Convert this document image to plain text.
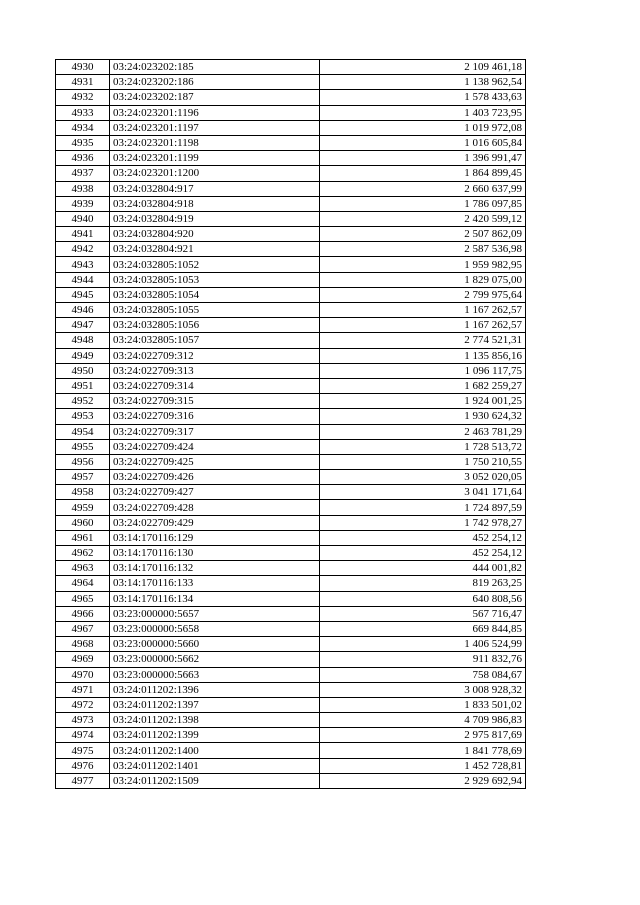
4930	03:24:023202:185	2 109 461,18
4931	03:24:023202:186	1 138 962,54
4932	03:24:023202:187	1 578 433,63
4933	03:24:023201:1196	1 403 723,95
4934	03:24:023201:1197	1 019 972,08
4935	03:24:023201:1198	1 016 605,84
4936	03:24:023201:1199	1 396 991,47
4937	03:24:023201:1200	1 864 899,45
4938	03:24:032804:917	2 660 637,99
4939	03:24:032804:918	1 786 097,85
4940	03:24:032804:919	2 420 599,12
4941	03:24:032804:920	2 507 862,09
4942	03:24:032804:921	2 587 536,98
4943	03:24:032805:1052	1 959 982,95
4944	03:24:032805:1053	1 829 075,00
4945	03:24:032805:1054	2 799 975,64
4946	03:24:032805:1055	1 167 262,57
4947	03:24:032805:1056	1 167 262,57
4948	03:24:032805:1057	2 774 521,31
4949	03:24:022709:312	1 135 856,16
4950	03:24:022709:313	1 096 117,75
4951	03:24:022709:314	1 682 259,27
4952	03:24:022709:315	1 924 001,25
4953	03:24:022709:316	1 930 624,32
4954	03:24:022709:317	2 463 781,29
4955	03:24:022709:424	1 728 513,72
4956	03:24:022709:425	1 750 210,55
4957	03:24:022709:426	3 052 020,05
4958	03:24:022709:427	3 041 171,64
4959	03:24:022709:428	1 724 897,59
4960	03:24:022709:429	1 742 978,27
4961	03:14:170116:129	452 254,12
4962	03:14:170116:130	452 254,12
4963	03:14:170116:132	444 001,82
4964	03:14:170116:133	819 263,25
4965	03:14:170116:134	640 808,56
4966	03:23:000000:5657	567 716,47
4967	03:23:000000:5658	669 844,85
4968	03:23:000000:5660	1 406 524,99
4969	03:23:000000:5662	911 832,76
4970	03:23:000000:5663	758 084,67
4971	03:24:011202:1396	3 008 928,32
4972	03:24:011202:1397	1 833 501,02
4973	03:24:011202:1398	4 709 986,83
4974	03:24:011202:1399	2 975 817,69
4975	03:24:011202:1400	1 841 778,69
4976	03:24:011202:1401	1 452 728,81
4977	03:24:011202:1509	2 929 692,94
